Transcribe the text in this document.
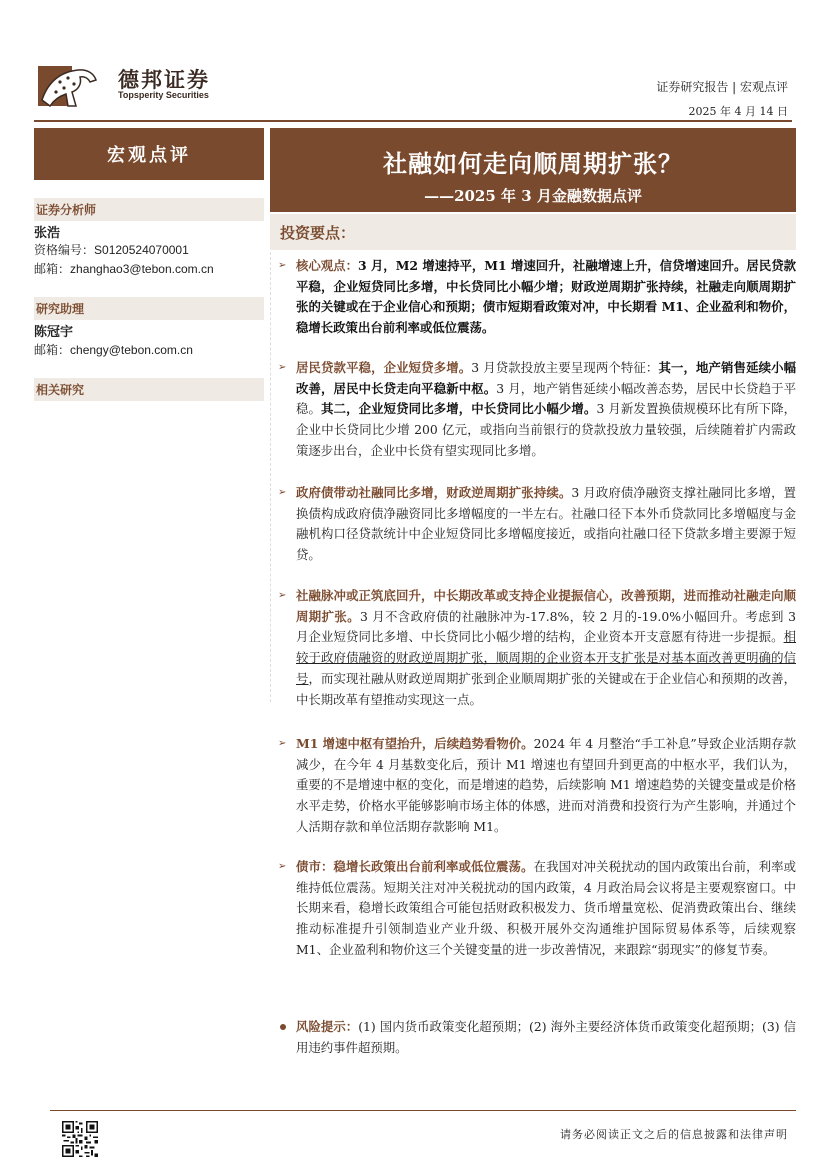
德邦证券
Topsperity Securities
证券研究报告 | 宏观点评
2025 年 4 月 14 日
宏观点评	社融如何走向顺周期扩张？
——2025 年 3 月金融数据点评
证券分析师
张浩
资格编号：S0120524070001
邮箱：zhanghao3@tebon.com.cn
研究助理
陈冠宇
邮箱：chengy@tebon.com.cn
相关研究
投资要点：
➢ 核心观点：3 月，M2 增速持平，M1 增速回升，社融增速上升，信贷增速回升。居民贷款平稳，企业短贷同比多增，中长贷同比小幅少增；财政逆周期扩张持续，社融走向顺周期扩张的关键或在于企业信心和预期；债市短期看政策对冲，中长期看 M1、企业盈利和物价，稳增长政策出台前利率或低位震荡。
➢ 居民贷款平稳，企业短贷多增。3 月贷款投放主要呈现两个特征：其一，地产销售延续小幅改善，居民中长贷走向平稳新中枢。3 月，地产销售延续小幅改善态势，居民中长贷趋于平稳。其二，企业短贷同比多增，中长贷同比小幅少增。3 月新发置换债规模环比有所下降，企业中长贷同比少增 200 亿元，或指向当前银行的贷款投放力量较强，后续随着扩内需政策逐步出台，企业中长贷有望实现同比多增。
➢ 政府债带动社融同比多增，财政逆周期扩张持续。3 月政府债净融资支撑社融同比多增，置换债构成政府债净融资同比多增幅度的一半左右。社融口径下本外币贷款同比多增幅度与金融机构口径贷款统计中企业短贷同比多增幅度接近，或指向社融口径下贷款多增主要源于短贷。
➢ 社融脉冲或正筑底回升，中长期改革或支持企业提振信心，改善预期，进而推动社融走向顺周期扩张。3 月不含政府债的社融脉冲为-17.8%，较 2 月的-19.0%小幅回升。考虑到 3 月企业短贷同比多增、中长贷同比小幅少增的结构，企业资本开支意愿有待进一步提振。相较于政府债融资的财政逆周期扩张，顺周期的企业资本开支扩张是对基本面改善更明确的信号，而实现社融从财政逆周期扩张到企业顺周期扩张的关键或在于企业信心和预期的改善，中长期改革有望推动实现这一点。
➢ M1 增速中枢有望抬升，后续趋势看物价。2024 年 4 月整治“手工补息”导致企业活期存款减少，在今年 4 月基数变化后，预计 M1 增速也有望回升到更高的中枢水平，我们认为，重要的不是增速中枢的变化，而是增速的趋势，后续影响 M1 增速趋势的关键变量或是价格水平走势，价格水平能够影响市场主体的体感，进而对消费和投资行为产生影响，并通过个人活期存款和单位活期存款影响 M1。
➢ 债市：稳增长政策出台前利率或低位震荡。在我国对冲关税扰动的国内政策出台前，利率或维持低位震荡。短期关注对冲关税扰动的国内政策，4 月政治局会议将是主要观察窗口。中长期来看，稳增长政策组合可能包括财政积极发力、货币增量宽松、促消费政策出台、继续推动标准提升引领制造业产业升级、积极开展外交沟通维护国际贸易体系等，后续观察 M1、企业盈利和物价这三个关键变量的进一步改善情况，来跟踪“弱现实”的修复节奏。
风险提示：(1) 国内货币政策变化超预期；(2) 海外主要经济体货币政策变化超预期；(3) 信用违约事件超预期。
请务必阅读正文之后的信息披露和法律声明
